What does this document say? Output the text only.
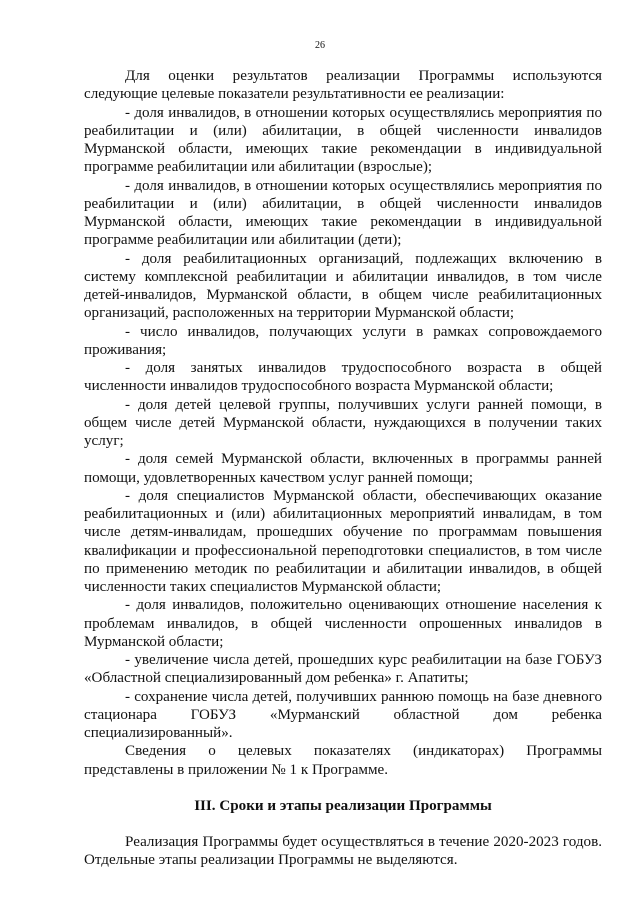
26

Для оценки результатов реализации Программы используются следующие целевые показатели результативности ее реализации:

- доля инвалидов, в отношении которых осуществлялись мероприятия по реабилитации и (или) абилитации, в общей численности инвалидов Мурманской области, имеющих такие рекомендации в индивидуальной программе реабилитации или абилитации (взрослые);

- доля инвалидов, в отношении которых осуществлялись мероприятия по реабилитации и (или) абилитации, в общей численности инвалидов Мурманской области, имеющих такие рекомендации в индивидуальной программе реабилитации или абилитации (дети);

- доля реабилитационных организаций, подлежащих включению в систему комплексной реабилитации и абилитации инвалидов, в том числе детей-инвалидов, Мурманской области, в общем числе реабилитационных организаций, расположенных на территории Мурманской области;

- число инвалидов, получающих услуги в рамках сопровождаемого проживания;

- доля занятых инвалидов трудоспособного возраста в общей численности инвалидов трудоспособного возраста Мурманской области;

- доля детей целевой группы, получивших услуги ранней помощи, в общем числе детей Мурманской области, нуждающихся в получении таких услуг;

- доля семей Мурманской области, включенных в программы ранней помощи, удовлетворенных качеством услуг ранней помощи;

- доля специалистов Мурманской области, обеспечивающих оказание реабилитационных и (или) абилитационных мероприятий инвалидам, в том числе детям-инвалидам, прошедших обучение по программам повышения квалификации и профессиональной переподготовки специалистов, в том числе по применению методик по реабилитации и абилитации инвалидов, в общей численности таких специалистов Мурманской области;

- доля инвалидов, положительно оценивающих отношение населения к проблемам инвалидов, в общей численности опрошенных инвалидов в Мурманской области;

- увеличение числа детей, прошедших курс реабилитации на базе ГОБУЗ «Областной специализированный дом ребенка» г. Апатиты;

- сохранение числа детей, получивших раннюю помощь на базе дневного стационара ГОБУЗ «Мурманский областной дом ребенка специализированный».

Сведения о целевых показателях (индикаторах) Программы представлены в приложении № 1 к Программе.

III. Сроки и этапы реализации Программы

Реализация Программы будет осуществляться в течение 2020-2023 годов. Отдельные этапы реализации Программы не выделяются.
